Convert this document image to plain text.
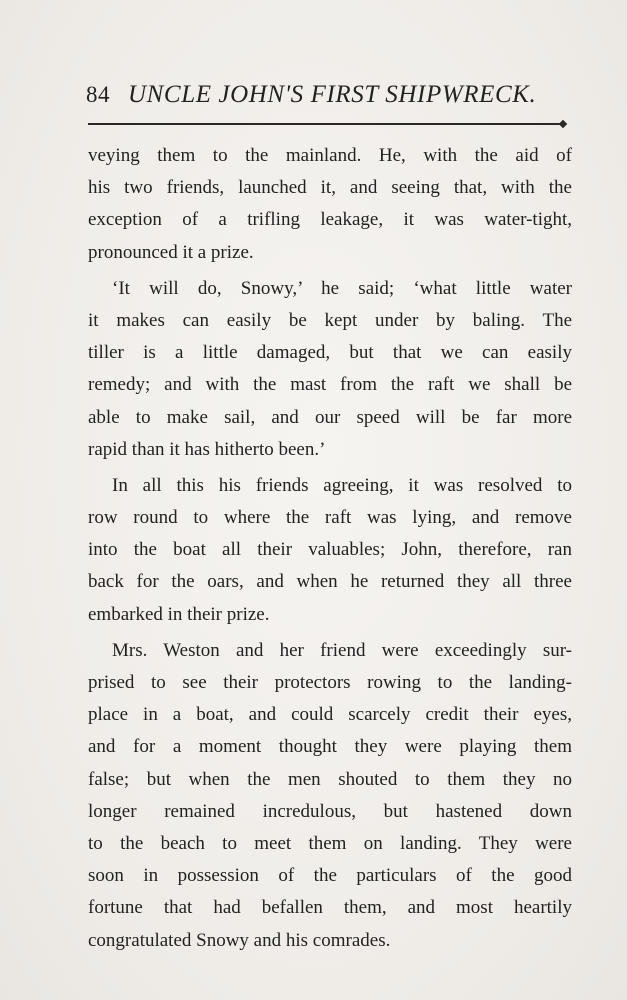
84 UNCLE JOHN'S FIRST SHIPWRECK.
veying them to the mainland. He, with the aid of
his two friends, launched it, and seeing that, with the
exception of a trifling leakage, it was water-tight,
pronounced it a prize.
‘It will do, Snowy,’ he said; ‘what little water
it makes can easily be kept under by baling. The
tiller is a little damaged, but that we can easily
remedy; and with the mast from the raft we shall be
able to make sail, and our speed will be far more
rapid than it has hitherto been.’
In all this his friends agreeing, it was resolved to
row round to where the raft was lying, and remove
into the boat all their valuables; John, therefore, ran
back for the oars, and when he returned they all three
embarked in their prize.
Mrs. Weston and her friend were exceedingly sur-
prised to see their protectors rowing to the landing-
place in a boat, and could scarcely credit their eyes,
and for a moment thought they were playing them
false; but when the men shouted to them they no
longer remained incredulous, but hastened down
to the beach to meet them on landing. They were
soon in possession of the particulars of the good
fortune that had befallen them, and most heartily
congratulated Snowy and his comrades.
